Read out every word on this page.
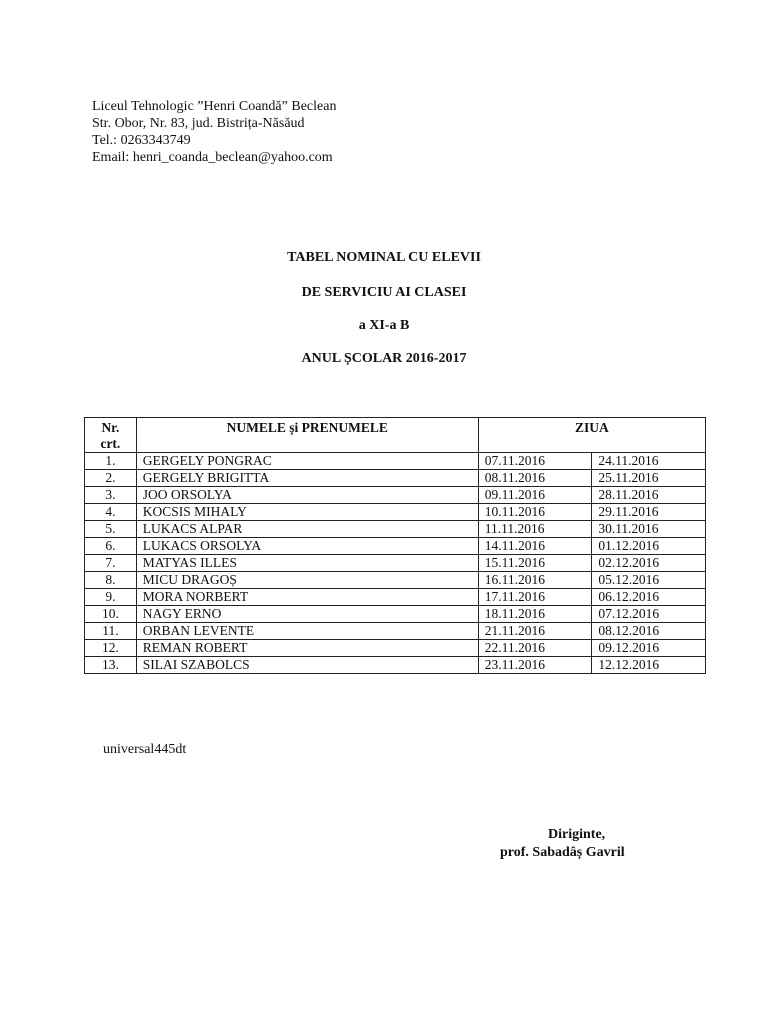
Liceul Tehnologic ”Henri Coandă” Beclean
Str. Obor, Nr. 83, jud. Bistrița-Năsăud
Tel.: 0263343749
Email: henri_coanda_beclean@yahoo.com
TABEL NOMINAL CU ELEVII
DE SERVICIU AI CLASEI
a XI-a B
ANUL ȘCOLAR 2016-2017
Nr. crt.	NUMELE și PRENUMELE	ZIUA	
1.	GERGELY PONGRAC	07.11.2016	24.11.2016
2.	GERGELY BRIGITTA	08.11.2016	25.11.2016
3.	JOO ORSOLYA	09.11.2016	28.11.2016
4.	KOCSIS MIHALY	10.11.2016	29.11.2016
5.	LUKACS ALPAR	11.11.2016	30.11.2016
6.	LUKACS ORSOLYA	14.11.2016	01.12.2016
7.	MATYAS ILLES	15.11.2016	02.12.2016
8.	MICU DRAGOȘ	16.11.2016	05.12.2016
9.	MORA NORBERT	17.11.2016	06.12.2016
10.	NAGY ERNO	18.11.2016	07.12.2016
11.	ORBAN LEVENTE	21.11.2016	08.12.2016
12.	REMAN ROBERT	22.11.2016	09.12.2016
13.	SILAI SZABOLCS	23.11.2016	12.12.2016
universal445dt
Diriginte,
prof. Sabadâș Gavril
